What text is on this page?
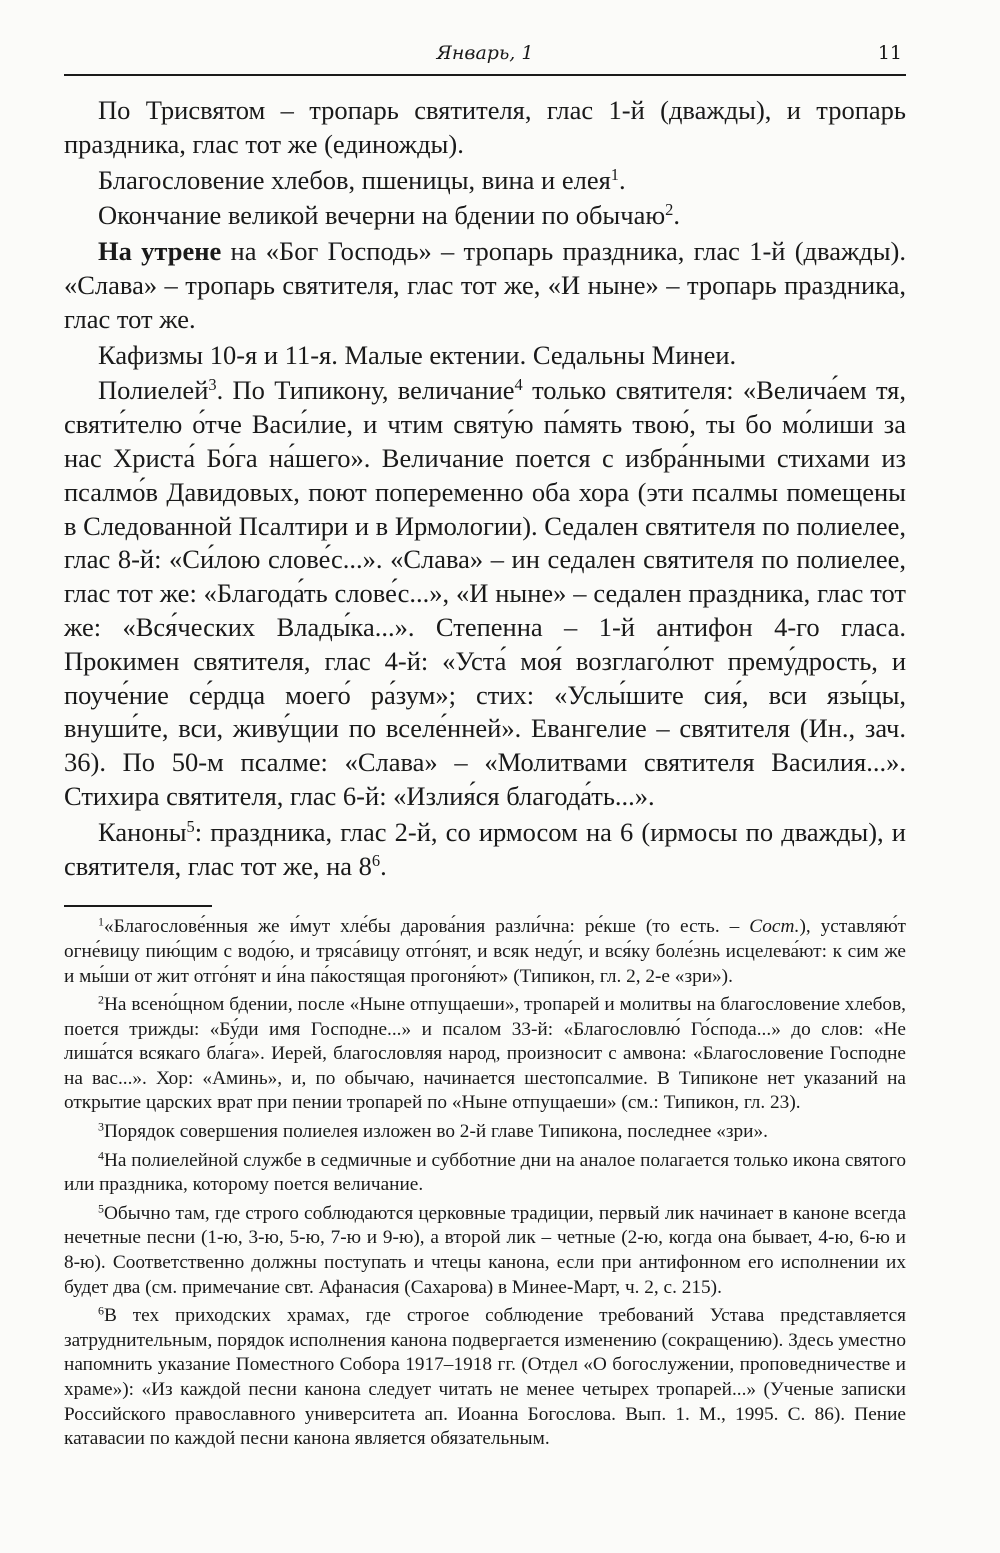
Январь, 1	11

По Трисвятом – тропарь святителя, глас 1-й (дважды), и тропарь праздника, глас тот же (единожды).

Благословение хлебов, пшеницы, вина и елея$^1$.

Окончание великой вечерни на бдении по обычаю$^2$.

На утрене на «Бог Господь» – тропарь праздника, глас 1-й (дважды). «Слава» – тропарь святителя, глас тот же, «И ныне» – тропарь праздника, глас тот же.

Кафизмы 10-я и 11-я. Малые ектении. Седальны Минеи.

Полиелей$^3$. По Типикону, величание$^4$ только святителя: «Велича́ем тя, святи́телю о́тче Васи́лие, и чтим святу́ю па́мять твою́, ты бо мо́лиши за нас Христа́ Бо́га на́шего». Величание поется с избра́нными стихами из псалмо́в Давидовых, поют попеременно оба хора (эти псалмы помещены в Следованной Псалтири и в Ирмологии). Седален святителя по полиелее, глас 8-й: «Си́лою слове́с...». «Слава» – ин седален святителя по полиелее, глас тот же: «Благода́ть слове́с...», «И ныне» – седален праздника, глас тот же: «Вся́ческих Влады́ка...». Степенна – 1-й антифон 4-го гласа. Прокимен святителя, глас 4-й: «Уста́ моя́ возглаго́лют прему́дрость, и поуче́ние се́рдца моего́ ра́зум»; стих: «Услы́шите сия́, вси язы́цы, внуши́те, вси, живу́щии по вселе́нней». Евангелие – святителя (Ин., зач. 36). По 50-м псалме: «Слава» – «Молитвами святителя Василия...». Стихира святителя, глас 6-й: «Излия́ся благода́ть...».

Каноны$^5$: праздника, глас 2-й, со ирмосом на 6 (ирмосы по дважды), и святителя, глас тот же, на $8^6$.

$^1$«Благослове́нныя же и́мут хле́бы дарова́ния разли́чна: ре́кше (то есть. – Сост.), уставляю́т огне́вицу пию́щим с водо́ю, и тряса́вицу отго́нят, и всяк неду́г, и вся́ку боле́знь исцелева́ют: к сим же и мы́ши от жит отго́нят и и́на па́костящая прогоня́ют» (Типикон, гл. 2, 2-е «зри»).

$^2$На всено́щном бдении, после «Ныне отпущаеши», тропарей и молитвы на благословение хлебов, поется трижды: «Бу́ди имя Господне...» и псалом 33-й: «Благословлю́ Го́спода...» до слов: «Не лиша́тся всякаго бла́га». Иерей, благословляя народ, произносит с амвона: «Благословение Господне на вас...». Хор: «Аминь», и, по обычаю, начинается шестопсалмие. В Типиконе нет указаний на открытие царских врат при пении тропарей по «Ныне отпущаеши» (см.: Типикон, гл. 23).

$^3$Порядок совершения полиелея изложен во 2-й главе Типикона, последнее «зри».

$^4$На полиелейной службе в седмичные и субботние дни на аналое полагается только икона святого или праздника, которому поется величание.

$^5$Обычно там, где строго соблюдаются церковные традиции, первый лик начинает в каноне всегда нечетные песни (1-ю, 3-ю, 5-ю, 7-ю и 9-ю), а второй лик – четные (2-ю, когда она бывает, 4-ю, 6-ю и 8-ю). Соответственно должны поступать и чтецы канона, если при антифонном его исполнении их будет два (см. примечание свт. Афанасия (Сахарова) в Минее-Март, ч. 2, с. 215).

$^6$В тех приходских храмах, где строгое соблюдение требований Устава представляется затруднительным, порядок исполнения канона подвергается изменению (сокращению). Здесь уместно напомнить указание Поместного Собора 1917–1918 гг. (Отдел «О богослужении, проповедничестве и храме»): «Из каждой песни канона следует читать не менее четырех тропарей...» (Ученые записки Российского православного университета ап. Иоанна Богослова. Вып. 1. М., 1995. С. 86). Пение катавасии по каждой песни канона является обязательным.
